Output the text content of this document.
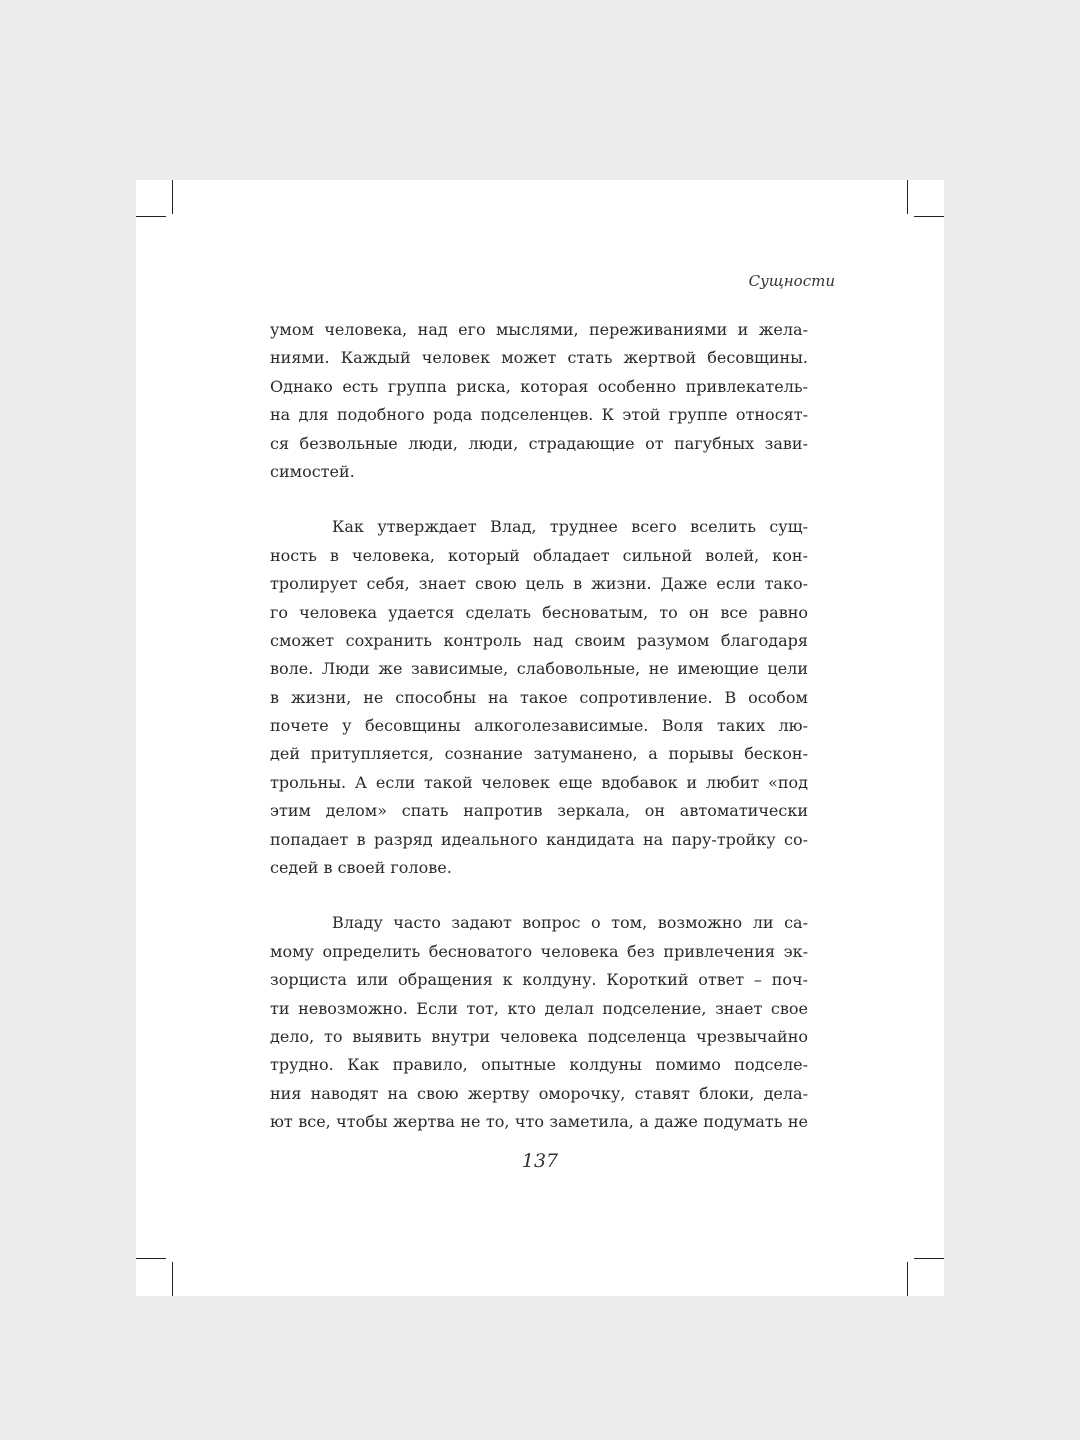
Сущности
умом человека, над его мыслями, переживаниями и жела-
ниями. Каждый человек может стать жертвой бесовщины.
Однако есть группа риска, которая особенно привлекатель-
на для подобного рода подселенцев. К этой группе относят-
ся безвольные люди, люди, страдающие от пагубных зави-
симостей.
Как утверждает Влад, труднее всего вселить сущ-
ность в человека, который обладает сильной волей, кон-
тролирует себя, знает свою цель в жизни. Даже если тако-
го человека удается сделать бесноватым, то он все равно
сможет сохранить контроль над своим разумом благодаря
воле. Люди же зависимые, слабовольные, не имеющие цели
в жизни, не способны на такое сопротивление. В особом
почете у бесовщины алкоголезависимые. Воля таких лю-
дей притупляется, сознание затуманено, а порывы бескон-
трольны. А если такой человек еще вдобавок и любит «под
этим делом» спать напротив зеркала, он автоматически
попадает в разряд идеального кандидата на пару-тройку со-
седей в своей голове.
Владу часто задают вопрос о том, возможно ли са-
мому определить бесноватого человека без привлечения эк-
зорциста или обращения к колдуну. Короткий ответ – поч-
ти невозможно. Если тот, кто делал подселение, знает свое
дело, то выявить внутри человека подселенца чрезвычайно
трудно. Как правило, опытные колдуны помимо подселе-
ния наводят на свою жертву оморочку, ставят блоки, дела-
ют все, чтобы жертва не то, что заметила, а даже подумать не
137
